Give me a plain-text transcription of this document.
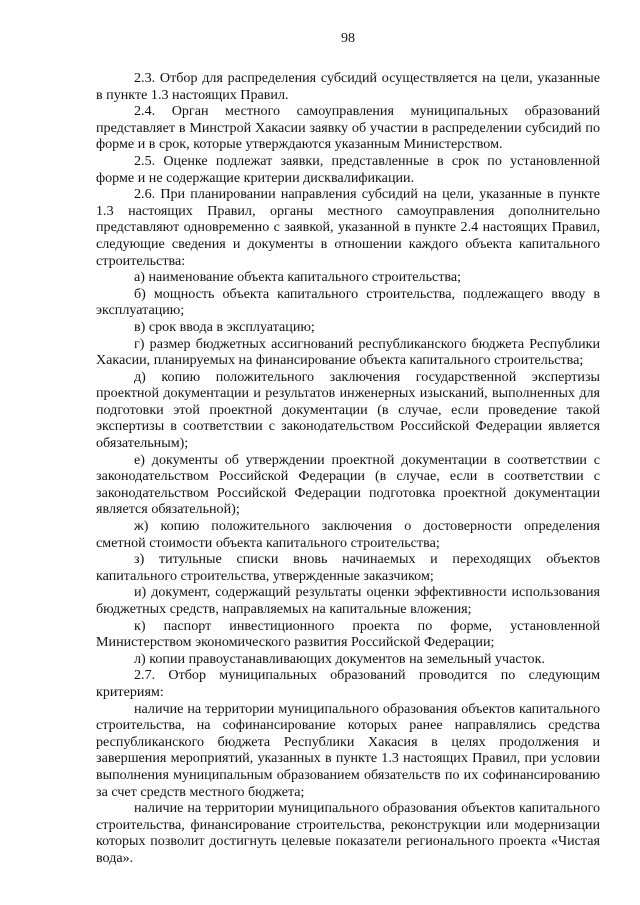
98

2.3. Отбор для распределения субсидий осуществляется на цели, указанные в пункте 1.3 настоящих Правил.

2.4. Орган местного самоуправления муниципальных образований представляет в Минстрой Хакасии заявку об участии в распределении субсидий по форме и в срок, которые утверждаются указанным Министерством.

2.5. Оценке подлежат заявки, представленные в срок по установленной форме и не содержащие критерии дисквалификации.

2.6. При планировании направления субсидий на цели, указанные в пункте 1.3 настоящих Правил, органы местного самоуправления дополнительно представляют одновременно с заявкой, указанной в пункте 2.4 настоящих Правил, следующие сведения и документы в отношении каждого объекта капитального строительства:

а) наименование объекта капитального строительства;

б) мощность объекта капитального строительства, подлежащего вводу в эксплуатацию;

в) срок ввода в эксплуатацию;

г) размер бюджетных ассигнований республиканского бюджета Республики Хакасии, планируемых на финансирование объекта капитального строительства;

д) копию положительного заключения государственной экспертизы проектной документации и результатов инженерных изысканий, выполненных для подготовки этой проектной документации (в случае, если проведение такой экспертизы в соответствии с законодательством Российской Федерации является обязательным);

е) документы об утверждении проектной документации в соответствии с законодательством Российской Федерации (в случае, если в соответствии с законодательством Российской Федерации подготовка проектной документации является обязательной);

ж) копию положительного заключения о достоверности определения сметной стоимости объекта капитального строительства;

з) титульные списки вновь начинаемых и переходящих объектов капитального строительства, утвержденные заказчиком;

и) документ, содержащий результаты оценки эффективности использования бюджетных средств, направляемых на капитальные вложения;

к) паспорт инвестиционного проекта по форме, установленной Министерством экономического развития Российской Федерации;

л) копии правоустанавливающих документов на земельный участок.

2.7. Отбор муниципальных образований проводится по следующим критериям:

наличие на территории муниципального образования объектов капитального строительства, на софинансирование которых ранее направлялись средства республиканского бюджета Республики Хакасия в целях продолжения и завершения мероприятий, указанных в пункте 1.3 настоящих Правил, при условии выполнения муниципальным образованием обязательств по их софинансированию за счет средств местного бюджета;

наличие на территории муниципального образования объектов капитального строительства, финансирование строительства, реконструкции или модернизации которых позволит достигнуть целевые показатели регионального проекта «Чистая вода».
